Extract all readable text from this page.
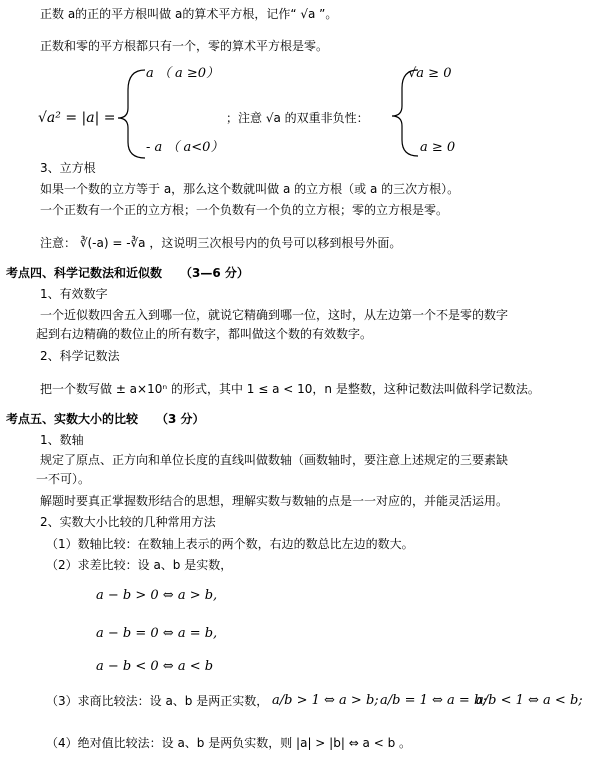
正数 a的正的平方根叫做 a的算术平方根，记作“ √a ”。
正数和零的平方根都只有一个，零的算术平方根是零。
√a² = |a| =
a （ a ≥0）
- a （ a<0）
；注意 √a 的双重非负性：
√a ≥ 0
a ≥ 0
3、立方根
如果一个数的立方等于 a，那么这个数就叫做 a 的立方根（或 a 的三次方根）。
一个正数有一个正的立方根；一个负数有一个负的立方根；零的立方根是零。
注意： ∛(-a) = -∛a ，这说明三次根号内的负号可以移到根号外面。
考点四、科学记数法和近似数　　（3—6 分）
1、有效数字
一个近似数四舍五入到哪一位，就说它精确到哪一位，这时，从左边第一个不是零的数字
起到右边精确的数位止的所有数字，都叫做这个数的有效数字。
2、科学记数法
把一个数写做 ± a×10ⁿ 的形式，其中 1 ≤ a < 10，n 是整数，这种记数法叫做科学记数法。
考点五、实数大小的比较　　（3 分）
1、数轴
规定了原点、正方向和单位长度的直线叫做数轴（画数轴时，要注意上述规定的三要素缺
一不可）。
解题时要真正掌握数形结合的思想，理解实数与数轴的点是一一对应的，并能灵活运用。
2、实数大小比较的几种常用方法
（1）数轴比较：在数轴上表示的两个数，右边的数总比左边的数大。
（2）求差比较：设 a、b 是实数，
a − b > 0 ⇔ a > b,
a − b = 0 ⇔ a = b,
a − b < 0 ⇔ a < b
（3）求商比较法：设 a、b 是两正实数， a/b > 1 ⇔ a > b; a/b = 1 ⇔ a = b;
a/b < 1 ⇔ a < b;
（4）绝对值比较法：设 a、b 是两负实数，则 |a| > |b| ⇔ a < b 。
